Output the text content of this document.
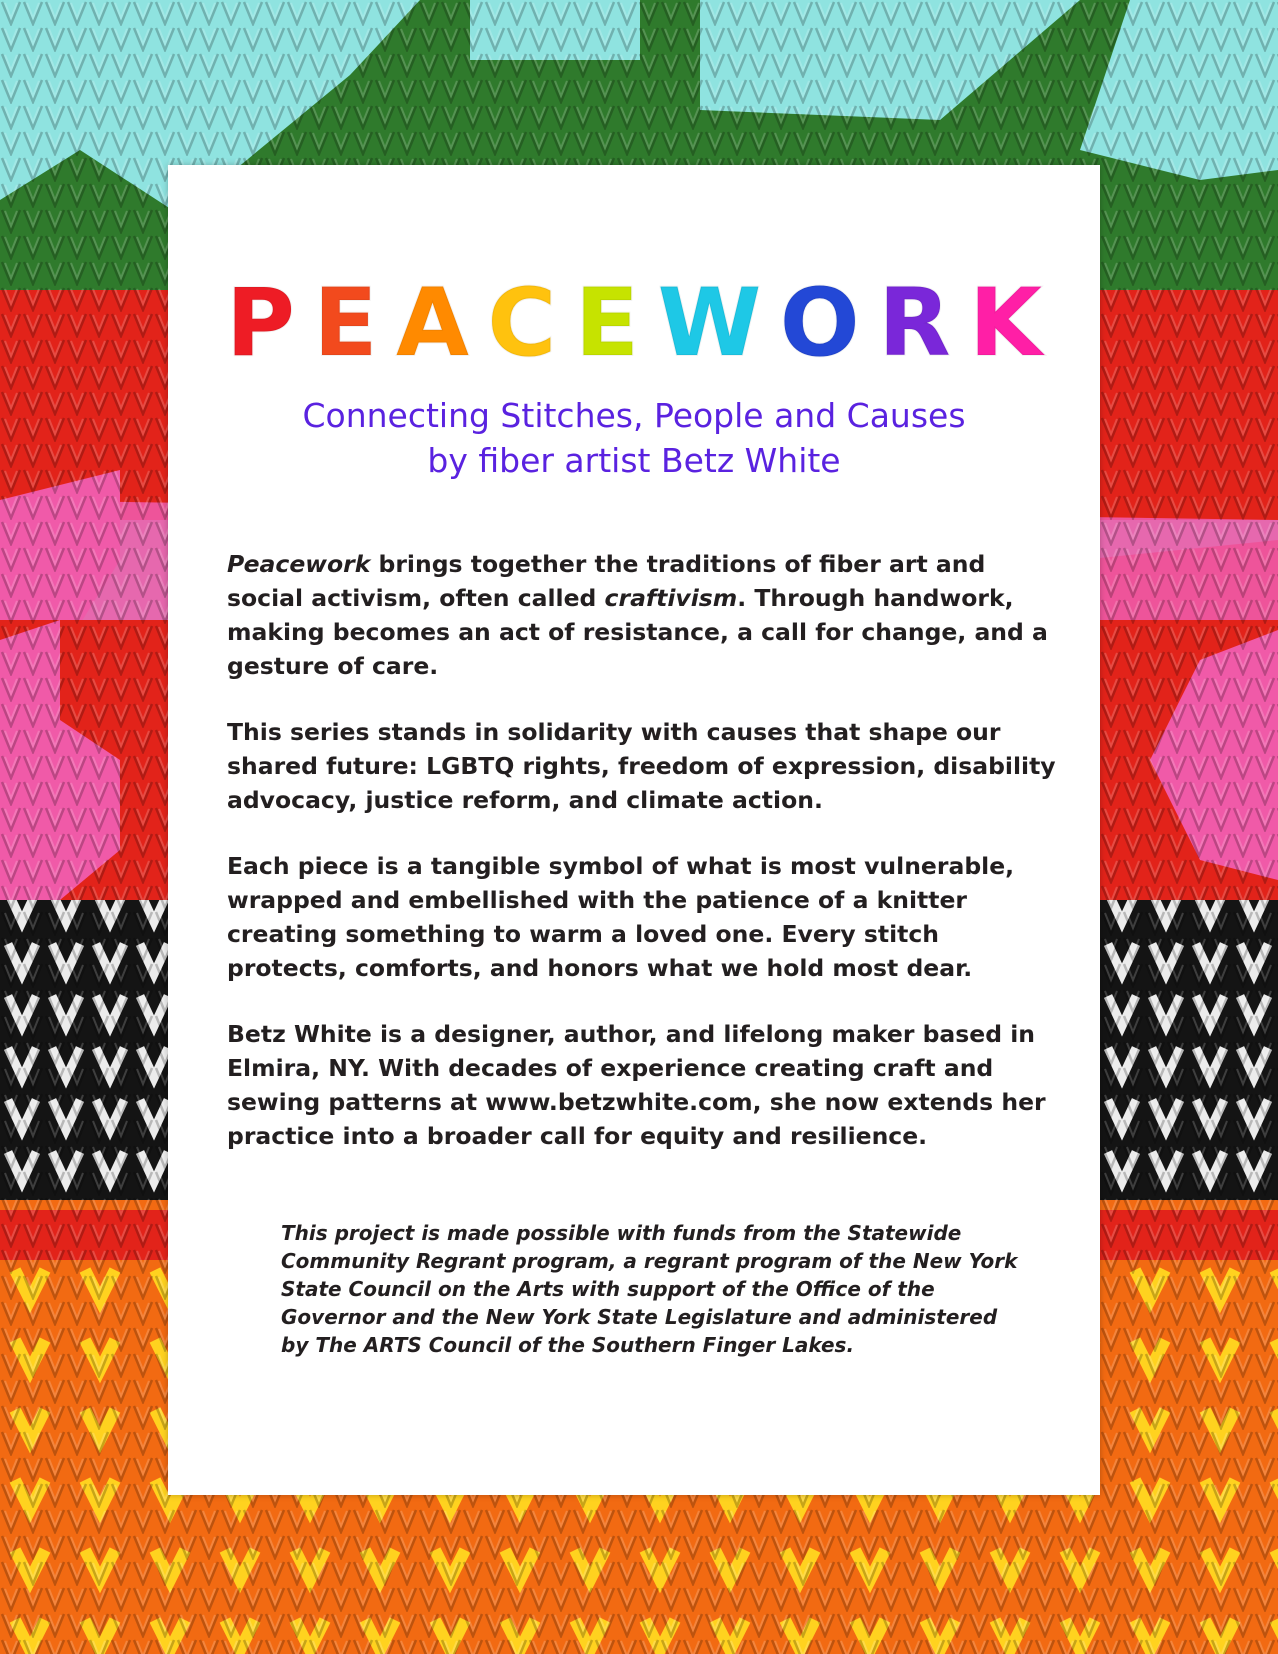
P E A C E W O R K
Connecting Stitches, People and Causes
by fiber artist Betz White

Peacework brings together the traditions of fiber art and social activism, often called craftivism. Through handwork, making becomes an act of resistance, a call for change, and a gesture of care.

This series stands in solidarity with causes that shape our shared future: LGBTQ rights, freedom of expression, disability advocacy, justice reform, and climate action.

Each piece is a tangible symbol of what is most vulnerable, wrapped and embellished with the patience of a knitter creating something to warm a loved one. Every stitch protects, comforts, and honors what we hold most dear.

Betz White is a designer, author, and lifelong maker based in Elmira, NY. With decades of experience creating craft and sewing patterns at www.betzwhite.com, she now extends her practice into a broader call for equity and resilience.

This project is made possible with funds from the Statewide Community Regrant program, a regrant program of the New York State Council on the Arts with support of the Office of the Governor and the New York State Legislature and administered by The ARTS Council of the Southern Finger Lakes.
